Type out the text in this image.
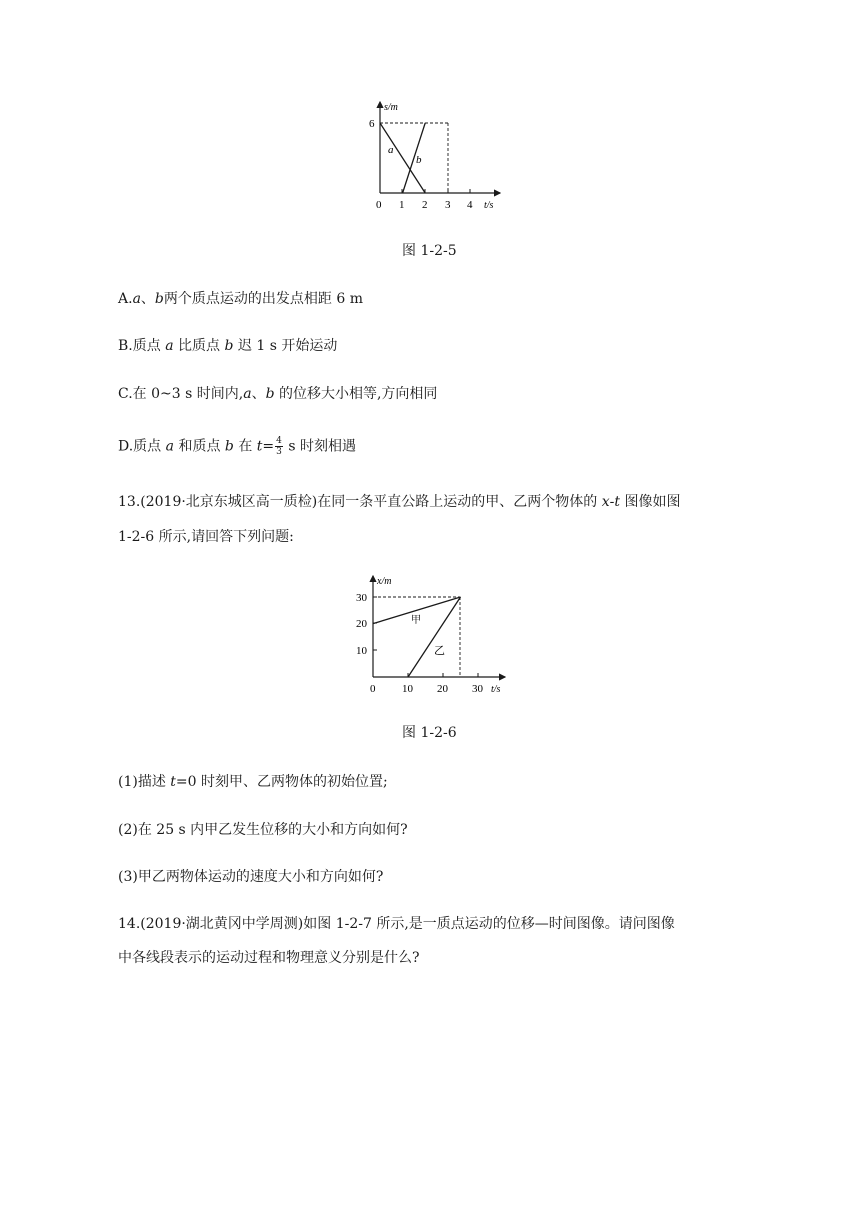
s/m
t/s
6
0 1 2 3 4
a
b
图 1-2-5
A.a、b两个质点运动的出发点相距 6 m
B.质点 a 比质点 b 迟 1 s 开始运动
C.在 0~3 s 时间内,a、b 的位移大小相等,方向相同
D.质点 a 和质点 b 在 $t= \frac{4}{3}$ s 时刻相遇
13.(2019·北京东城区高一质检)在同一条平直公路上运动的甲、乙两个物体的 x-t 图像如图
1-2-6 所示,请回答下列问题:
x/m
t/s
10
20
30
0 10 20 30
甲
乙
图 1-2-6
(1)描述 t=0 时刻甲、乙两物体的初始位置;
(2)在 25 s 内甲乙发生位移的大小和方向如何?
(3)甲乙两物体运动的速度大小和方向如何?
14.(2019·湖北黄冈中学周测)如图 1-2-7 所示,是一质点运动的位移—时间图像。请问图像
中各线段表示的运动过程和物理意义分别是什么?
